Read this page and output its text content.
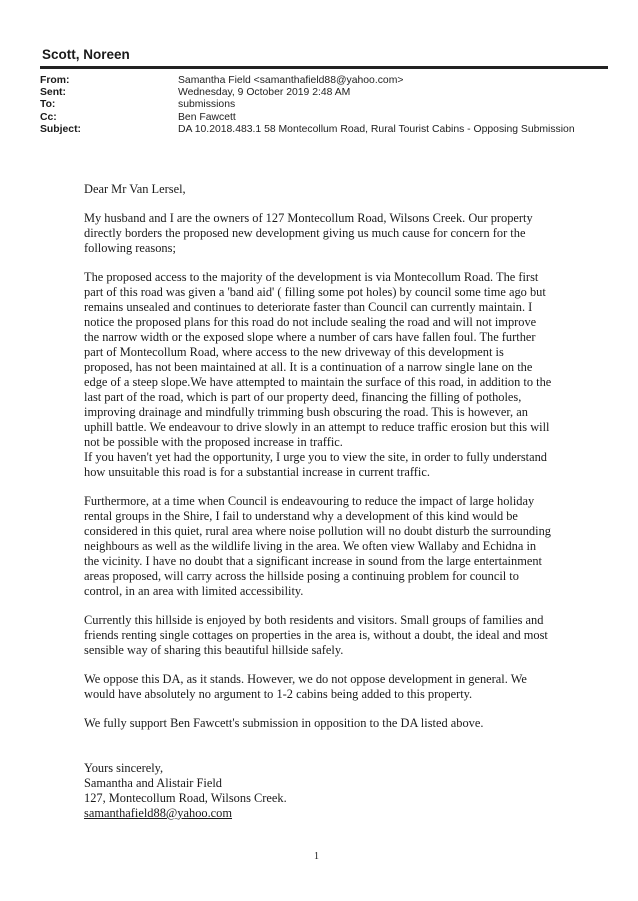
Scott, Noreen
From:	Samantha Field <samanthafield88@yahoo.com>
Sent:	Wednesday, 9 October 2019 2:48 AM
To:	submissions
Cc:	Ben Fawcett
Subject:	DA 10.2018.483.1 58 Montecollum Road, Rural Tourist Cabins - Opposing Submission

Dear Mr Van Lersel,

My husband and I are the owners of 127 Montecollum Road, Wilsons Creek. Our property directly borders the proposed new development giving us much cause for concern for the following reasons;

The proposed access to the majority of the development is via Montecollum Road. The first part of this road was given a 'band aid' ( filling some pot holes) by council some time ago but remains unsealed and continues to deteriorate faster than Council can currently maintain. I notice the proposed plans for this road do not include sealing the road and will not improve the narrow width or the exposed slope where a number of cars have fallen foul. The further part of Montecollum Road, where access to the new driveway of this development is proposed, has not been maintained at all. It is a continuation of a narrow single lane on the edge of a steep slope.We have attempted to maintain the surface of this road, in addition to the last part of the road, which is part of our property deed, financing the filling of potholes, improving drainage and mindfully trimming bush obscuring the road. This is however, an uphill battle. We endeavour to drive slowly in an attempt to reduce traffic erosion but this will not be possible with the proposed increase in traffic.
If you haven't yet had the opportunity, I urge you to view the site, in order to fully understand how unsuitable this road is for a substantial increase in current traffic.

Furthermore, at a time when Council is endeavouring to reduce the impact of large holiday rental groups in the Shire, I fail to understand why a development of this kind would be considered in this quiet, rural area where noise pollution will no doubt disturb the surrounding neighbours as well as the wildlife living in the area. We often view Wallaby and Echidna in the vicinity. I have no doubt that a significant increase in sound from the large entertainment areas proposed, will carry across the hillside posing a continuing problem for council to control, in an area with limited accessibility.

Currently this hillside is enjoyed by both residents and visitors. Small groups of families and friends renting single cottages on properties in the area is, without a doubt, the ideal and most sensible way of sharing this beautiful hillside safely.

We oppose this DA, as it stands. However, we do not oppose development in general. We would have absolutely no argument to 1-2 cabins being added to this property.

We fully support Ben Fawcett's submission in opposition to the DA listed above.

Yours sincerely,
Samantha and Alistair Field
127, Montecollum Road, Wilsons Creek.
samanthafield88@yahoo.com
1
